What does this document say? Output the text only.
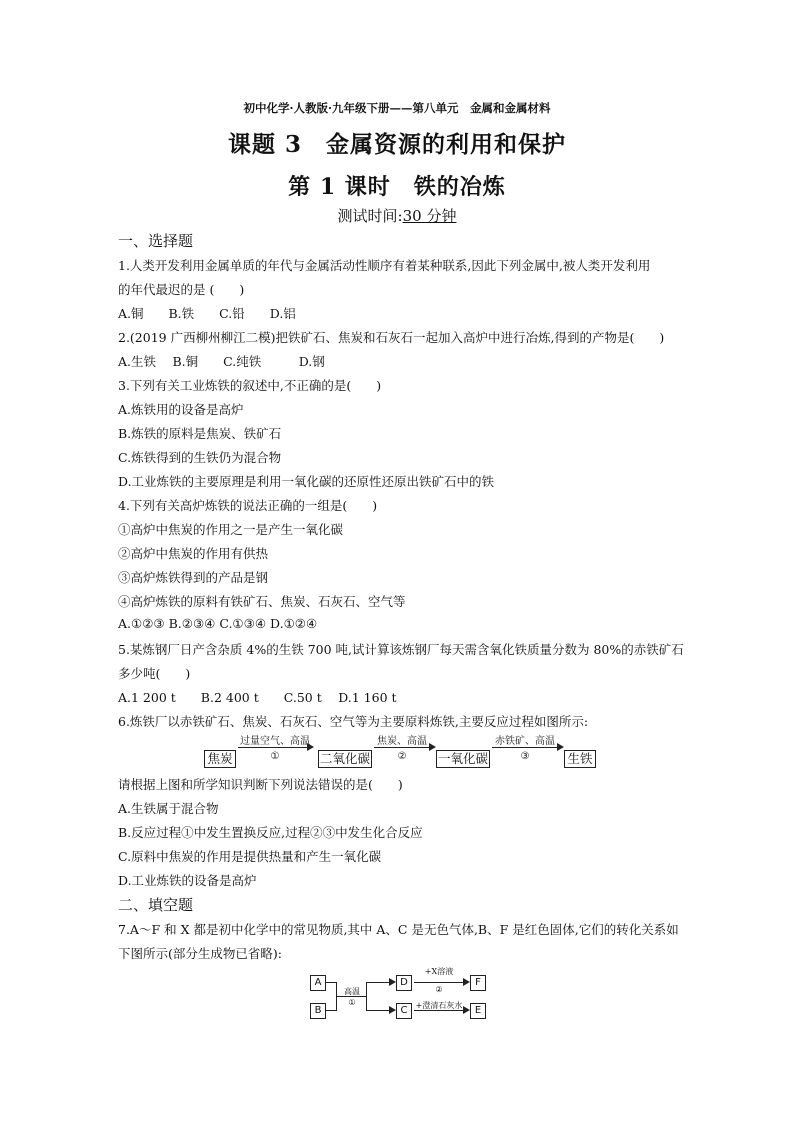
初中化学·人教版·九年级下册——第八单元　金属和金属材料
课题 3　金属资源的利用和保护
第 1 课时　铁的冶炼
测试时间:30 分钟
一、选择题
1.人类开发利用金属单质的年代与金属活动性顺序有着某种联系,因此下列金属中,被人类开发利用
的年代最迟的是 (　　)
A.铜　　B.铁　　C.铅　　D.铝
2.(2019 广西柳州柳江二模)把铁矿石、焦炭和石灰石一起加入高炉中进行冶炼,得到的产物是(　　)
A.生铁　 B.铜　　C.纯铁　　　D.钢
3.下列有关工业炼铁的叙述中,不正确的是(　　)
A.炼铁用的设备是高炉
B.炼铁的原料是焦炭、铁矿石
C.炼铁得到的生铁仍为混合物
D.工业炼铁的主要原理是利用一氧化碳的还原性还原出铁矿石中的铁
4.下列有关高炉炼铁的说法正确的一组是(　　)
①高炉中焦炭的作用之一是产生一氧化碳
②高炉中焦炭的作用有供热
③高炉炼铁得到的产品是钢
④高炉炼铁的原料有铁矿石、焦炭、石灰石、空气等
A.①②③ B.②③④ C.①③④ D.①②④
5.某炼钢厂日产含杂质 4%的生铁 700 吨,试计算该炼钢厂每天需含氧化铁质量分数为 80%的赤铁矿石
多少吨(　　)
A.1 200 t　　B.2 400 t　　C.50 t　 D.1 160 t
6.炼铁厂以赤铁矿石、焦炭、石灰石、空气等为主要原料炼铁,主要反应过程如图所示:
焦炭
过量空气、高温
①	二氧化碳
焦炭、高温
②	一氧化碳
赤铁矿、高温
③	生铁
请根据上图和所学知识判断下列说法错误的是(　　)
A.生铁属于混合物
B.反应过程①中发生置换反应,过程②③中发生化合反应
C.原料中焦炭的作用是提供热量和产生一氧化碳
D.工业炼铁的设备是高炉
二、填空题
7.A～F 和 X 都是初中化学中的常见物质,其中 A、C 是无色气体,B、F 是红色固体,它们的转化关系如
下图所示(部分生成物已省略):
A
B
高温
①
D
C
+X溶液
②
+澄清石灰水
F
E
